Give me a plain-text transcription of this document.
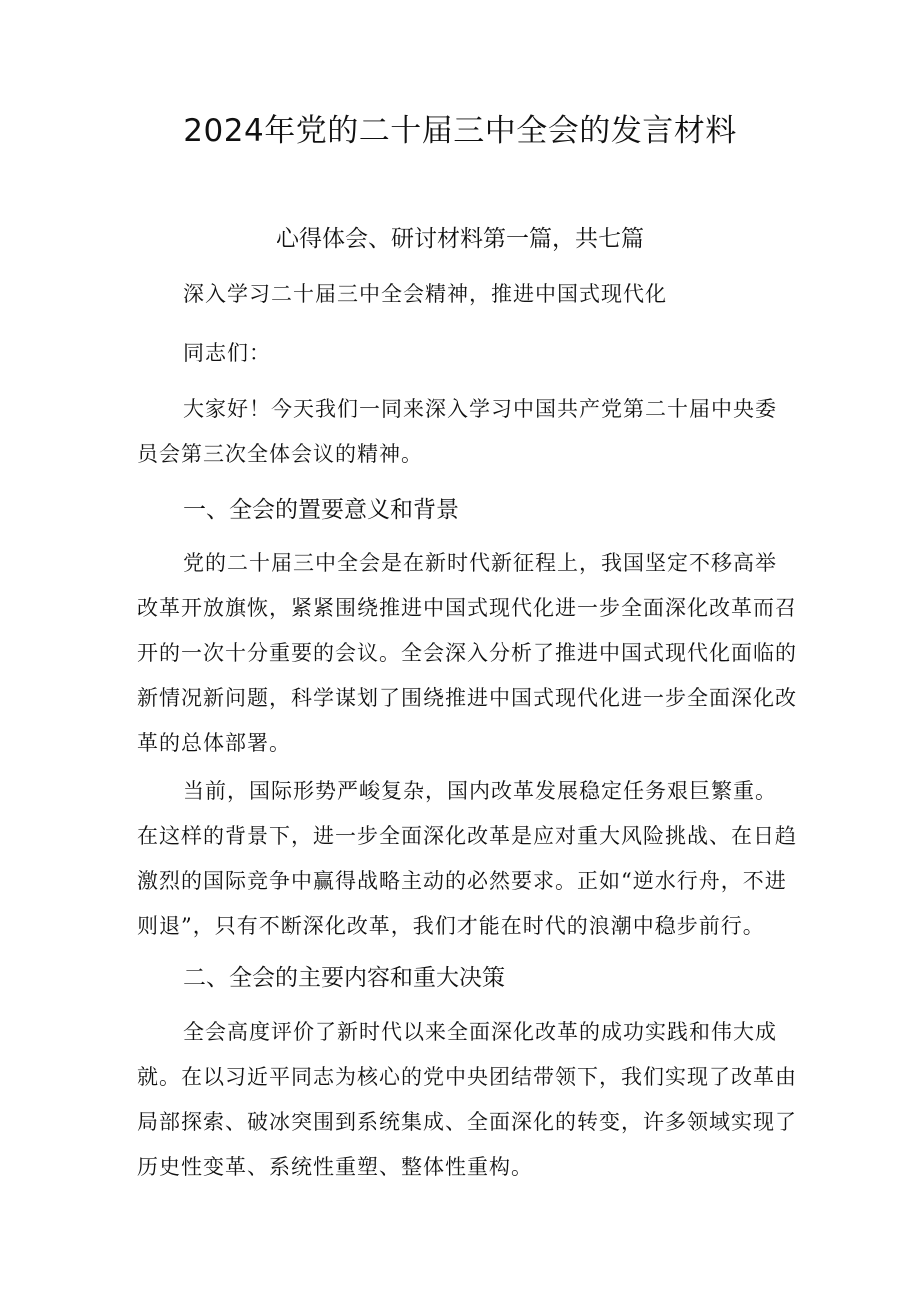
2024年党的二十届三中全会的发言材料
心得体会、研讨材料第一篇，共七篇

深入学习二十届三中全会精神，推进中国式现代化

同志们：

大家好！今天我们一同来深入学习中国共产党第二十届中央委员会第三次全体会议的精神。

一、全会的置要意义和背景

党的二十届三中全会是在新时代新征程上，我国坚定不移高举改革开放旗恢，紧紧围绕推进中国式现代化进一步全面深化改革而召开的一次十分重要的会议。全会深入分析了推进中国式现代化面临的新情况新问题，科学谋划了围绕推进中国式现代化进一步全面深化改革的总体部署。

当前，国际形势严峻复杂，国内改革发展稳定任务艰巨繁重。在这样的背景下，进一步全面深化改革是应对重大风险挑战、在日趋激烈的国际竞争中赢得战略主动的必然要求。正如“逆水行舟，不进则退”，只有不断深化改革，我们才能在时代的浪潮中稳步前行。

二、全会的主要内容和重大决策

全会高度评价了新时代以来全面深化改革的成功实践和伟大成就。在以习近平同志为核心的党中央团结带领下，我们实现了改革由局部探索、破冰突围到系统集成、全面深化的转变，许多领域实现了历史性变革、系统性重塑、整体性重构。
